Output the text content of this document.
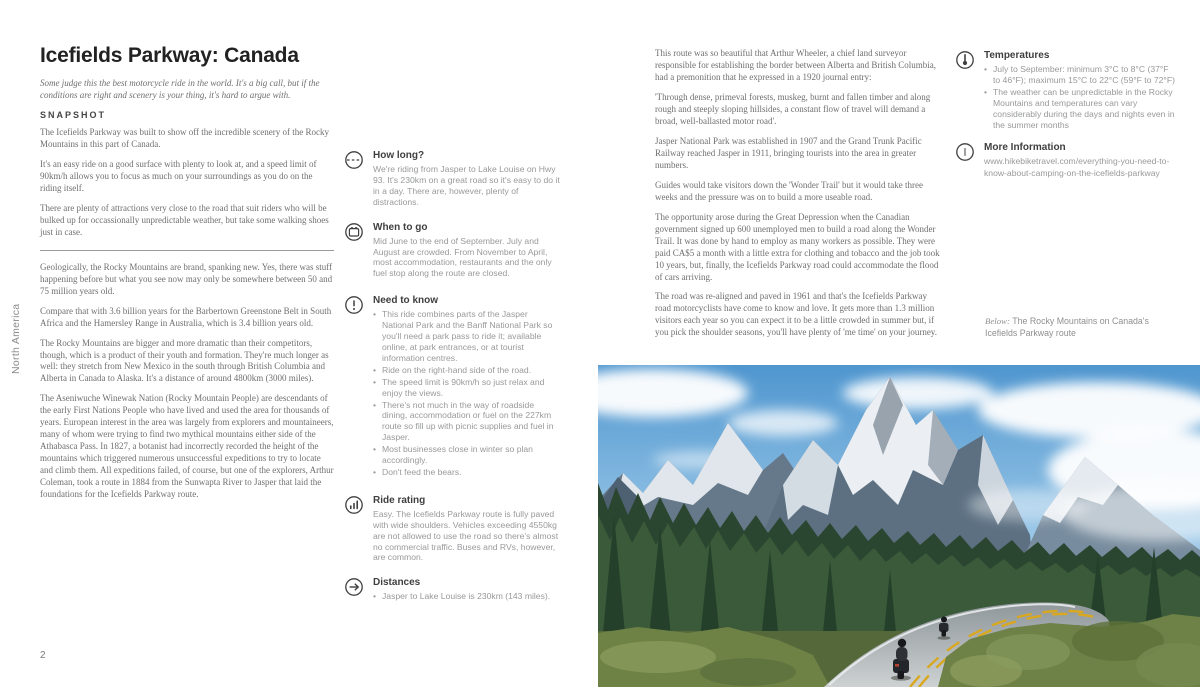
North America
2
Icefields Parkway: Canada

Some judge this the best motorcycle ride in the world. It's a big call, but if the conditions are right and scenery is your thing, it's hard to argue with.

SNAPSHOT

The Icefields Parkway was built to show off the incredible scenery of the Rocky Mountains in this part of Canada.

It's an easy ride on a good surface with plenty to look at, and a speed limit of 90km/h allows you to focus as much on your surroundings as you do on the riding itself.

There are plenty of attractions very close to the road that suit riders who will be bulked up for occassionally unpredictable weather, but take some walking shoes just in case.

Geologically, the Rocky Mountains are brand, spanking new. Yes, there was stuff happening before but what you see now may only be somewhere between 50 and 75 million years old.

Compare that with 3.6 billion years for the Barbertown Greenstone Belt in South Africa and the Hamersley Range in Australia, which is 3.4 billion years old.

The Rocky Mountains are bigger and more dramatic than their competitors, though, which is a product of their youth and formation. They're much longer as well: they stretch from New Mexico in the south through British Columbia and Alberta in Canada to Alaska. It's a distance of around 4800km (3000 miles).

The Aseniwuche Winewak Nation (Rocky Mountain People) are descendants of the early First Nations People who have lived and used the area for thousands of years. European interest in the area was largely from explorers and mountaineers, many of whom were trying to find two mythical mountains either side of the Athabasca Pass. In 1827, a botanist had incorrectly recorded the height of the mountains which triggered numerous unsuccessful expeditions to try to locate and climb them. All expeditions failed, of course, but one of the explorers, Arthur Coleman, took a route in 1884 from the Sunwapta River to Jasper that laid the foundations for the Icefields Parkway route.

How long?

We're riding from Jasper to Lake Louise on Hwy 93. It's 230km on a great road so it's easy to do it in a day. There are, however, plenty of distractions.

When to go

Mid June to the end of September. July and August are crowded. From November to April, most accommodation, restaurants and the only fuel stop along the route are closed.

Need to know
• This ride combines parts of the Jasper National Park and the Banff National Park so you'll need a park pass to ride it; available online, at park entrances, or at tourist information centres.
• Ride on the right-hand side of the road.
• The speed limit is 90km/h so just relax and enjoy the views.
• There's not much in the way of roadside dining, accommodation or fuel on the 227km route so fill up with picnic supplies and fuel in Jasper.
• Most businesses close in winter so plan accordingly.
• Don't feed the bears.
Ride rating

Easy. The Icefields Parkway route is fully paved with wide shoulders. Vehicles exceeding 4550kg are not allowed to use the road so there's almost no commercial traffic. Buses and RVs, however, are common.

Distances
• Jasper to Lake Louise is 230km (143 miles).

This route was so beautiful that Arthur Wheeler, a chief land surveyor responsible for establishing the border between Alberta and British Columbia, had a premonition that he expressed in a 1920 journal entry:

'Through dense, primeval forests, muskeg, burnt and fallen timber and along rough and steeply sloping hillsides, a constant flow of travel will demand a broad, well-ballasted motor road'.

Jasper National Park was established in 1907 and the Grand Trunk Pacific Railway reached Jasper in 1911, bringing tourists into the area in greater numbers.

Guides would take visitors down the 'Wonder Trail' but it would take three weeks and the pressure was on to build a more useable road.

The opportunity arose during the Great Depression when the Canadian government signed up 600 unemployed men to build a road along the Wonder Trail. It was done by hand to employ as many workers as possible. They were paid CA$5 a month with a little extra for clothing and tobacco and the job took 10 years, but, finally, the Icefields Parkway road could accommodate the flood of cars arriving.

The road was re-aligned and paved in 1961 and that's the Icefields Parkway road motorcyclists have come to know and love. It gets more than 1.3 million visitors each year so you can expect it to be a little crowded in summer but, if you pick the shoulder seasons, you'll have plenty of 'me time' on your journey.

Temperatures
• July to September: minimum 3°C to 8°C (37°F to 46°F); maximum 15°C to 22°C (59°F to 72°F)
• The weather can be unpredictable in the Rocky Mountains and temperatures can vary considerably during the days and nights even in the summer months
I
More Information
www.hikebiketravel.com/everything-you-need-to-know-about-camping-on-the-icefields-parkway
Below: The Rocky Mountains on Canada's Icefields Parkway route
